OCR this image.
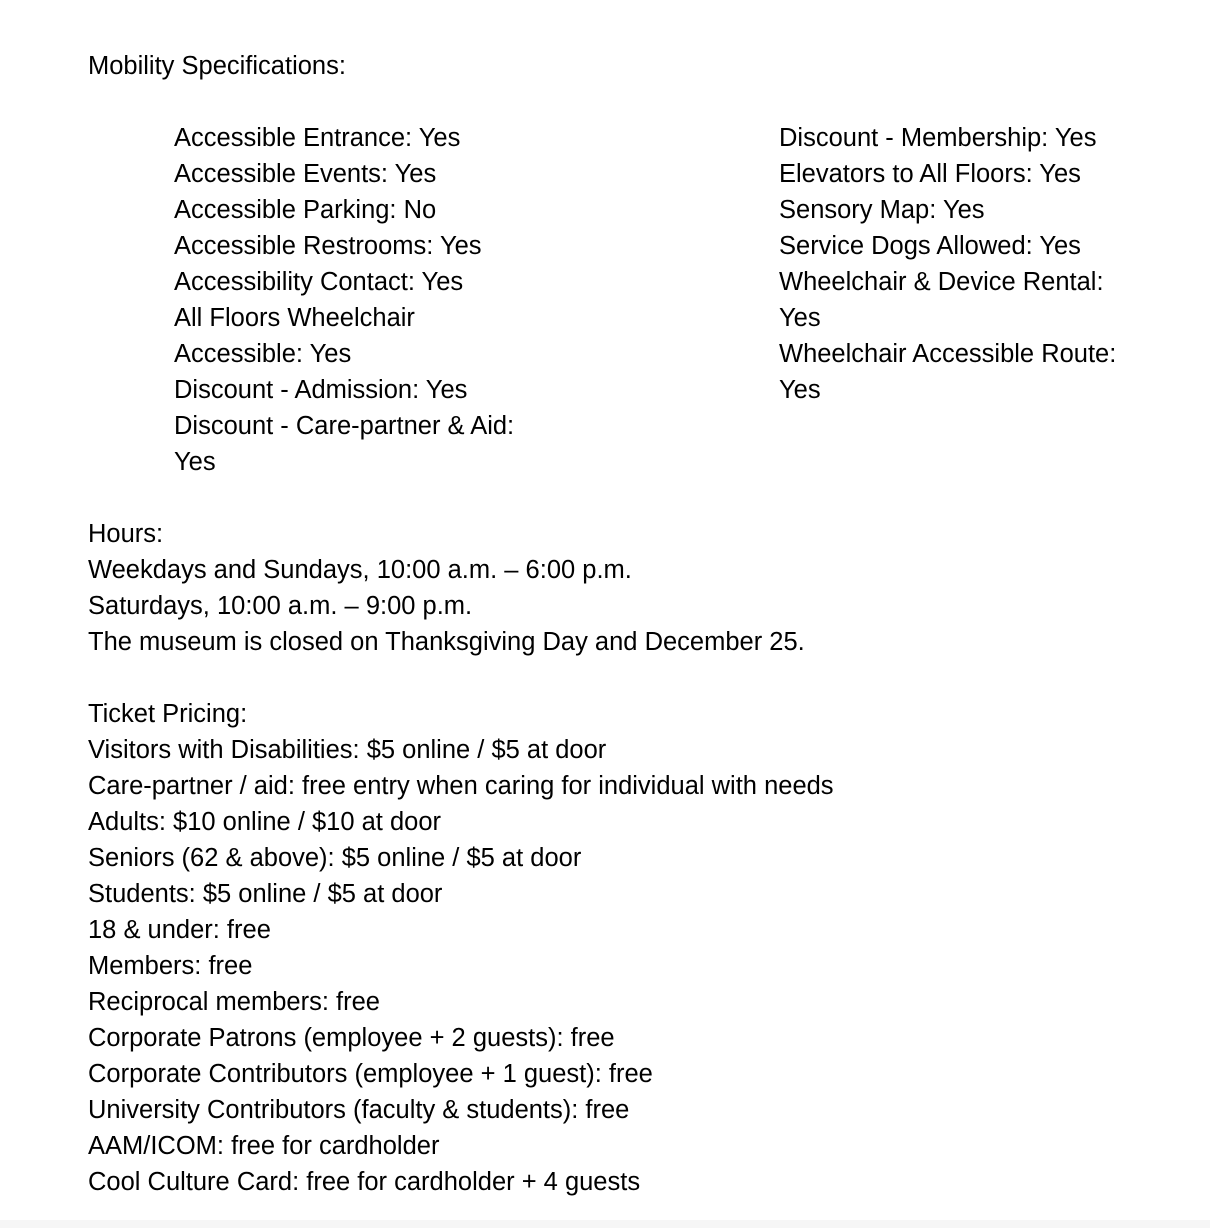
Mobility Specifications:
Accessible Entrance: Yes
Accessible Events: Yes
Accessible Parking: No
Accessible Restrooms: Yes
Accessibility Contact: Yes
All Floors Wheelchair Accessible: Yes
Discount - Admission: Yes
Discount - Care-partner & Aid: Yes
Discount - Membership: Yes
Elevators to All Floors: Yes
Sensory Map: Yes
Service Dogs Allowed: Yes
Wheelchair & Device Rental: Yes
Wheelchair Accessible Route: Yes
Hours:
Weekdays and Sundays, 10:00 a.m. – 6:00 p.m.
Saturdays, 10:00 a.m. – 9:00 p.m.
The museum is closed on Thanksgiving Day and December 25.
Ticket Pricing:
Visitors with Disabilities: $5 online / $5 at door
Care-partner / aid: free entry when caring for individual with needs
Adults: $10 online / $10 at door
Seniors (62 & above): $5 online / $5 at door
Students: $5 online / $5 at door
18 & under: free
Members: free
Reciprocal members: free
Corporate Patrons (employee + 2 guests): free
Corporate Contributors (employee + 1 guest): free
University Contributors (faculty & students): free
AAM/ICOM: free for cardholder
Cool Culture Card: free for cardholder + 4 guests
